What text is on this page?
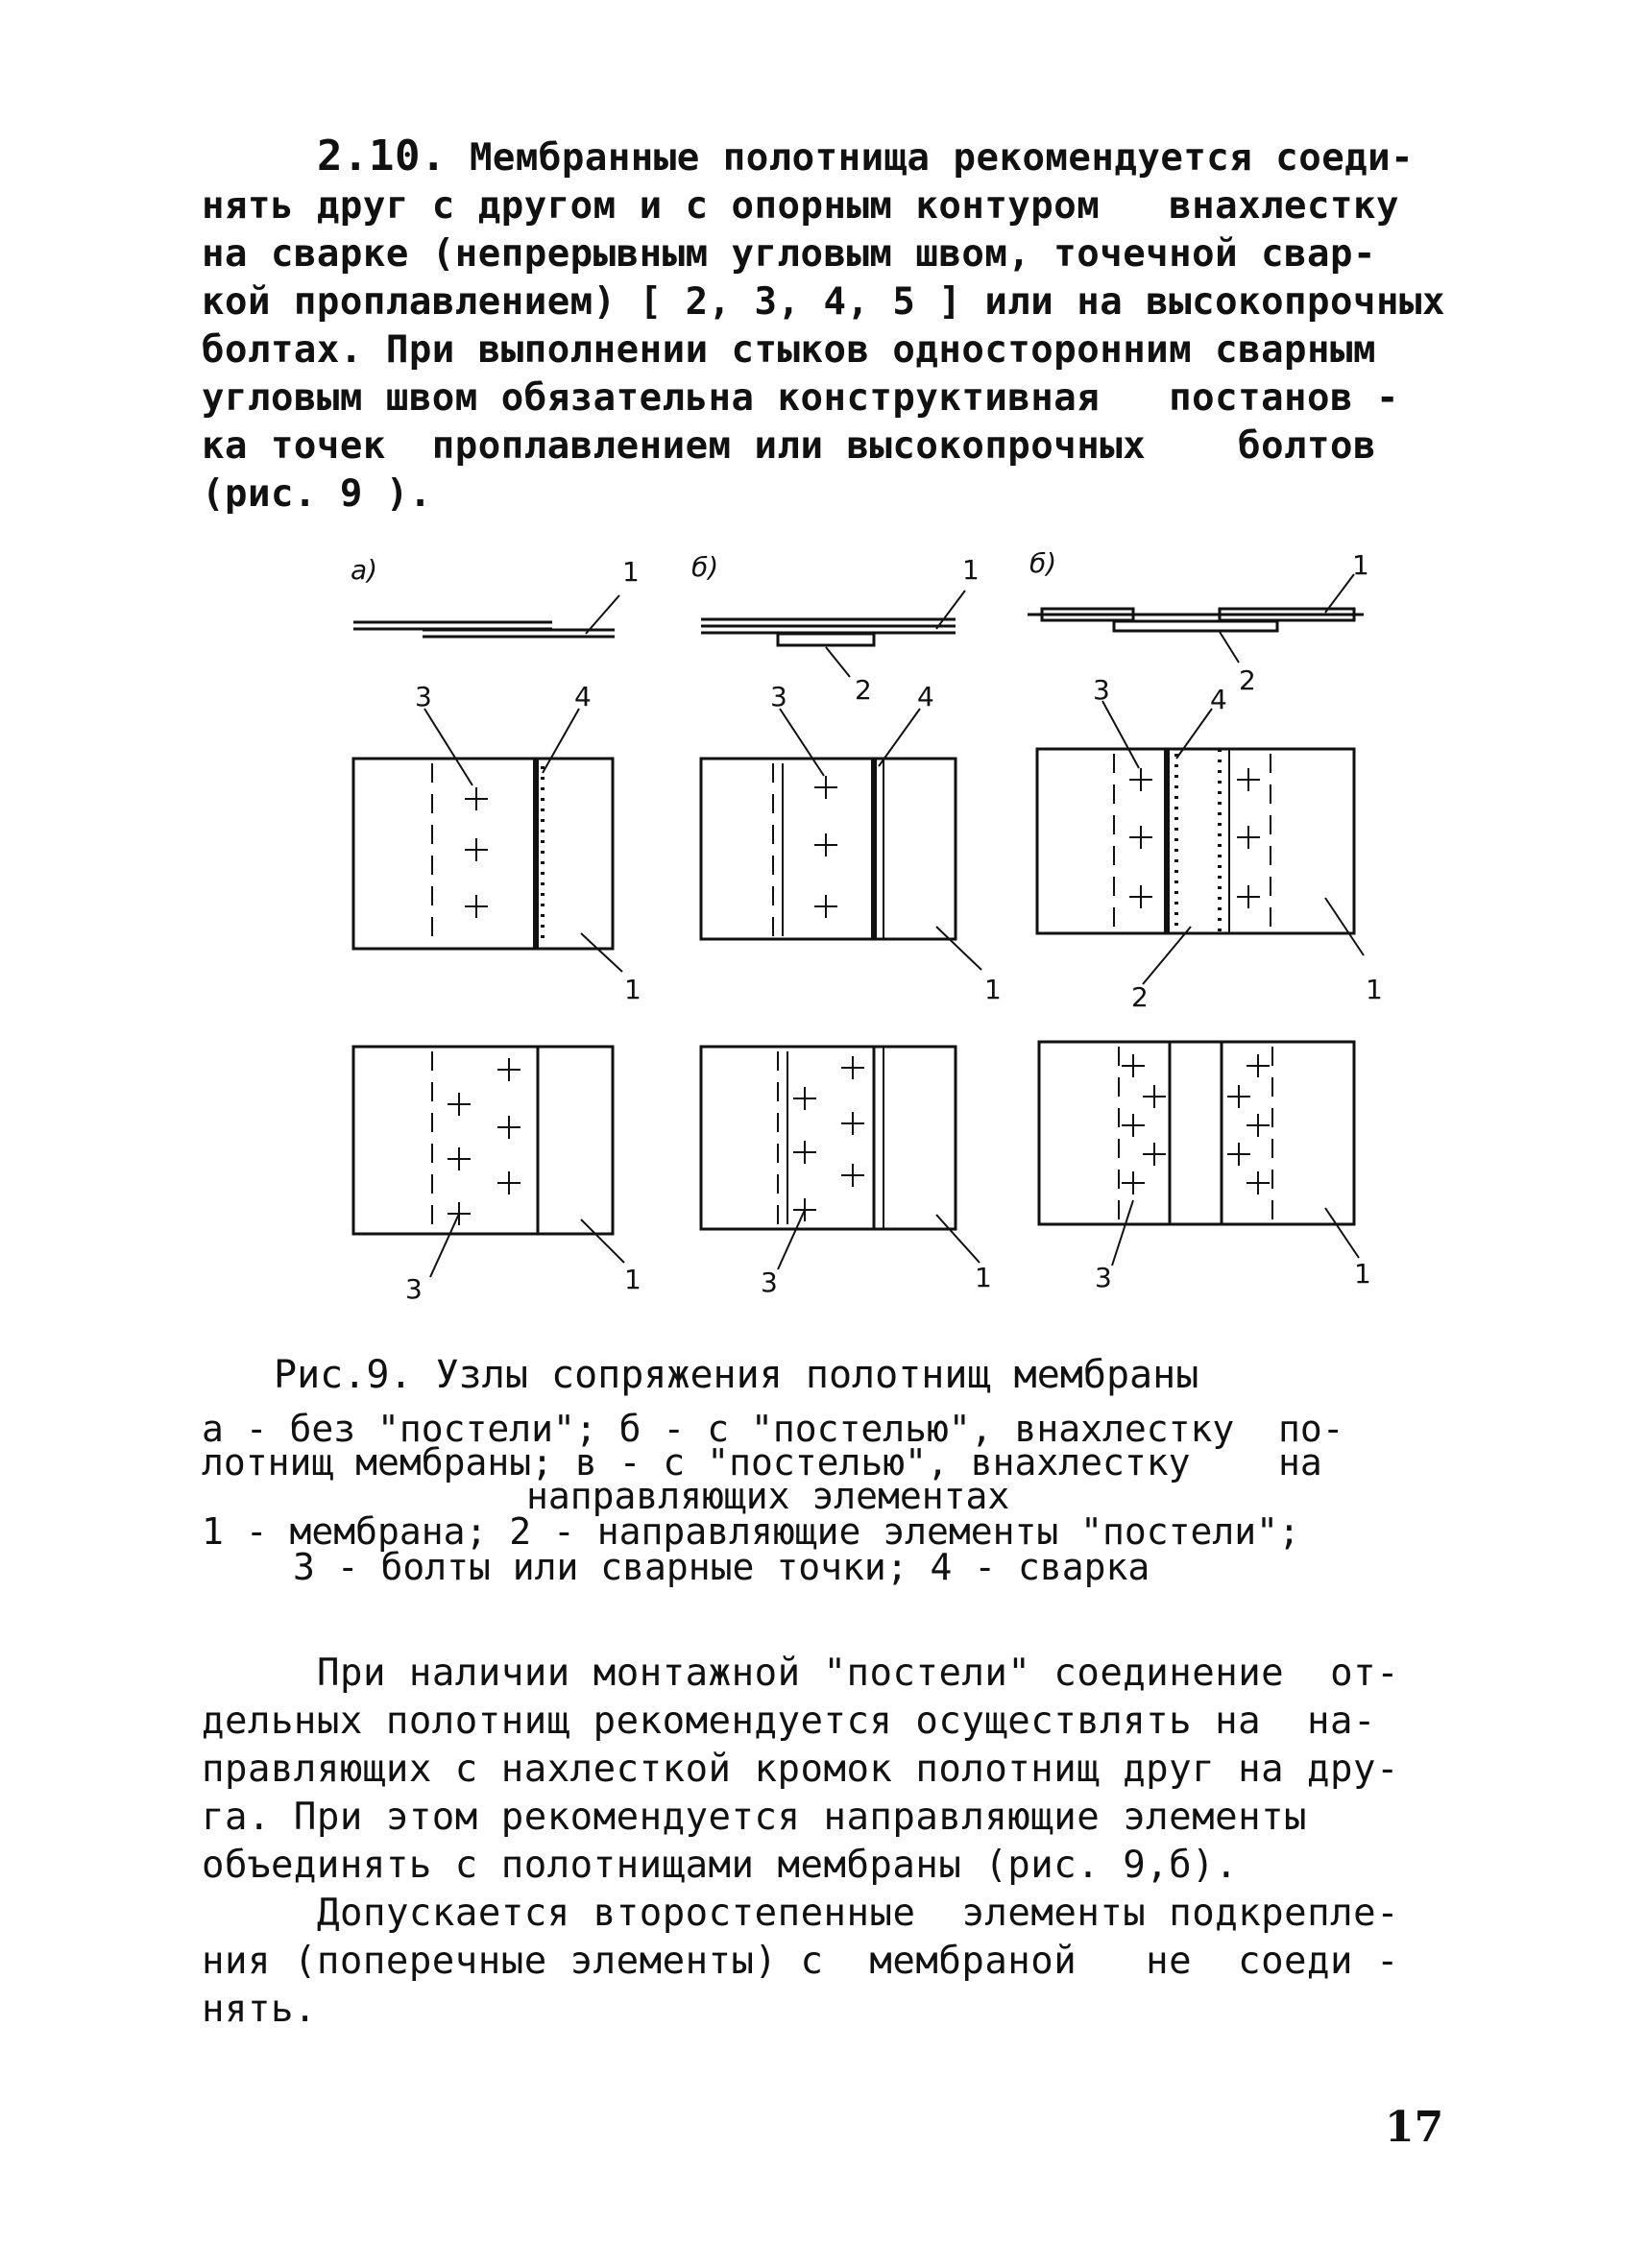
2.10. Мембранные полотнища рекомендуется соеди-
нять друг с другом и с опорным контуром   внахлестку
на сварке (непрерывным угловым швом, точечной свар-
кой проплавлением) [ 2, 3, 4, 5 ] или на высокопрочных
болтах. При выполнении стыков односторонним сварным
угловым швом обязательна конструктивная   постанов -
ка точек  проплавлением или высокопрочных    болтов
(рис. 9 ).
а)	б)	б)
1	1	1
2	2
3	4	3	4	3	4
1	1	2	1
3	1	3	1	3	1
Рис.9. Узлы сопряжения полотнищ мембраны
а - без "постели"; б - с "постелью", внахлестку  по-
лотнищ мембраны; в - с "постелью", внахлестку    на
направляющих элементах
1 - мембрана; 2 - направляющие элементы "постели";
3 - болты или сварные точки; 4 - сварка
При наличии монтажной "постели" соединение  от-
дельных полотнищ рекомендуется осуществлять на  на-
правляющих с нахлесткой кромок полотнищ друг на дру-
га. При этом рекомендуется направляющие элементы
объединять с полотнищами мембраны (рис. 9,б).
Допускается второстепенные  элементы подкрепле-
ния (поперечные элементы) с  мембраной   не  соеди -
нять.
17
